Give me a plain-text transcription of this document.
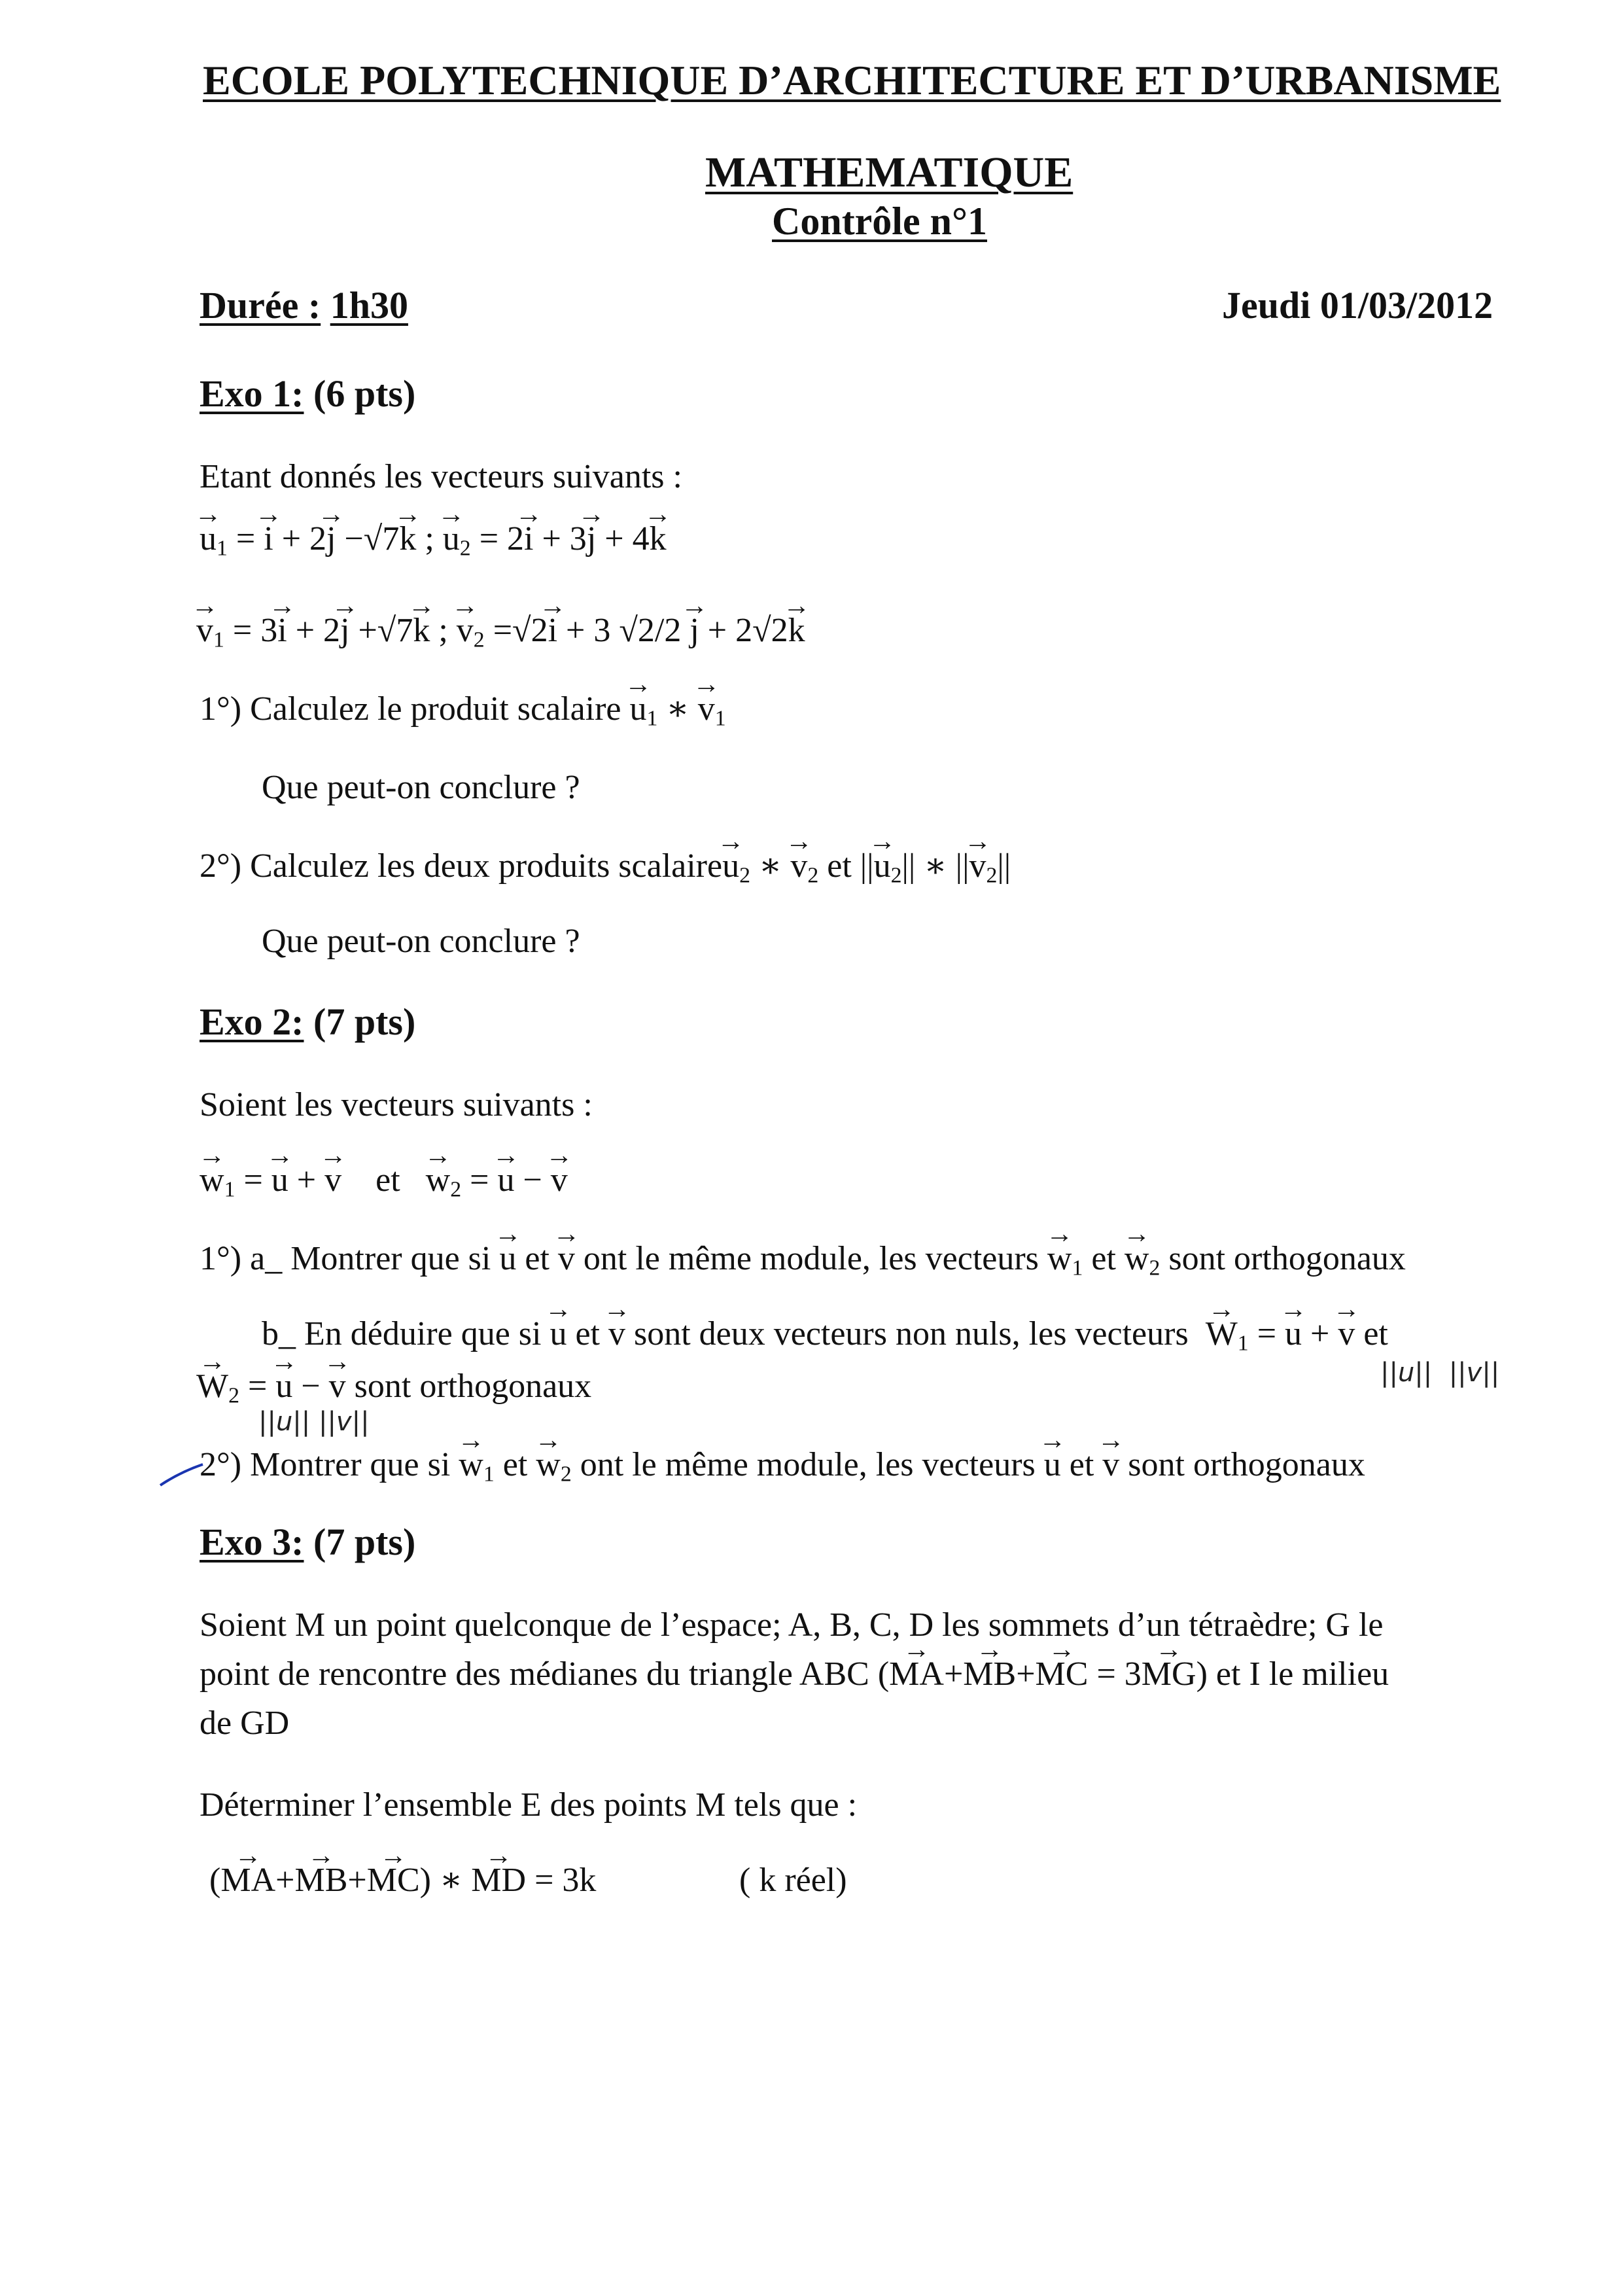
ECOLE POLYTECHNIQUE D’ARCHITECTURE ET D’URBANISME
MATHEMATIQUE
Contrôle n°1
Durée : 1h30	Jeudi 01/03/2012
Exo 1: (6 pts)
Etant donnés les vecteurs suivants :
→ $u_1$ = → i + 2→ j −√7→ k ; → $u_2 = 2\to i + 3\to j + 4\to k$
→ $v_1 = 3\to i + 2\to j +√7\to k$ ; → $v_2 =√2\to i + 3$ √2/2 → j + 2√2→ k
1°) Calculez le produit scalaire → $u_1$ ∗ → $v_1$
Que peut-on conclure ?
2°) Calculez les deux produits scalaire→ $u_2$ ∗ → $v_2$ et ||→ $u_2||$ ∗ ||→ $v_2||$
Que peut-on conclure ?
Exo 2: (7 pts)
Soient les vecteurs suivants :
→ $w_1$ = → u + → v    et   → $w_2$ = → u − → v
1°) a_ Montrer que si → u et → v ont le même module, les vecteurs → $w_1$ et → $w_2$ sont orthogonaux
b_ En déduire que si → u et → v sont deux vecteurs non nuls, les vecteurs → $W_1$ = → u + → v et
→ $W_2$ = → u − → v sont orthogonaux	||u||  ||v||
||u|| ||v||
2°) Montrer que si → $w_1$ et → $w_2$ ont le même module, les vecteurs → u et → v sont orthogonaux
Exo 3: (7 pts)
Soient M un point quelconque de l’espace; A, B, C, D les sommets d’un tétraèdre; G le
point de rencontre des médianes du triangle ABC (→ MA+→ MB+→ MC = 3→ MG) et I le milieu
de GD
Déterminer l’ensemble E des points M tels que :
(→ MA+→ MB+→ MC) ∗ → MD = 3k	( k réel)
